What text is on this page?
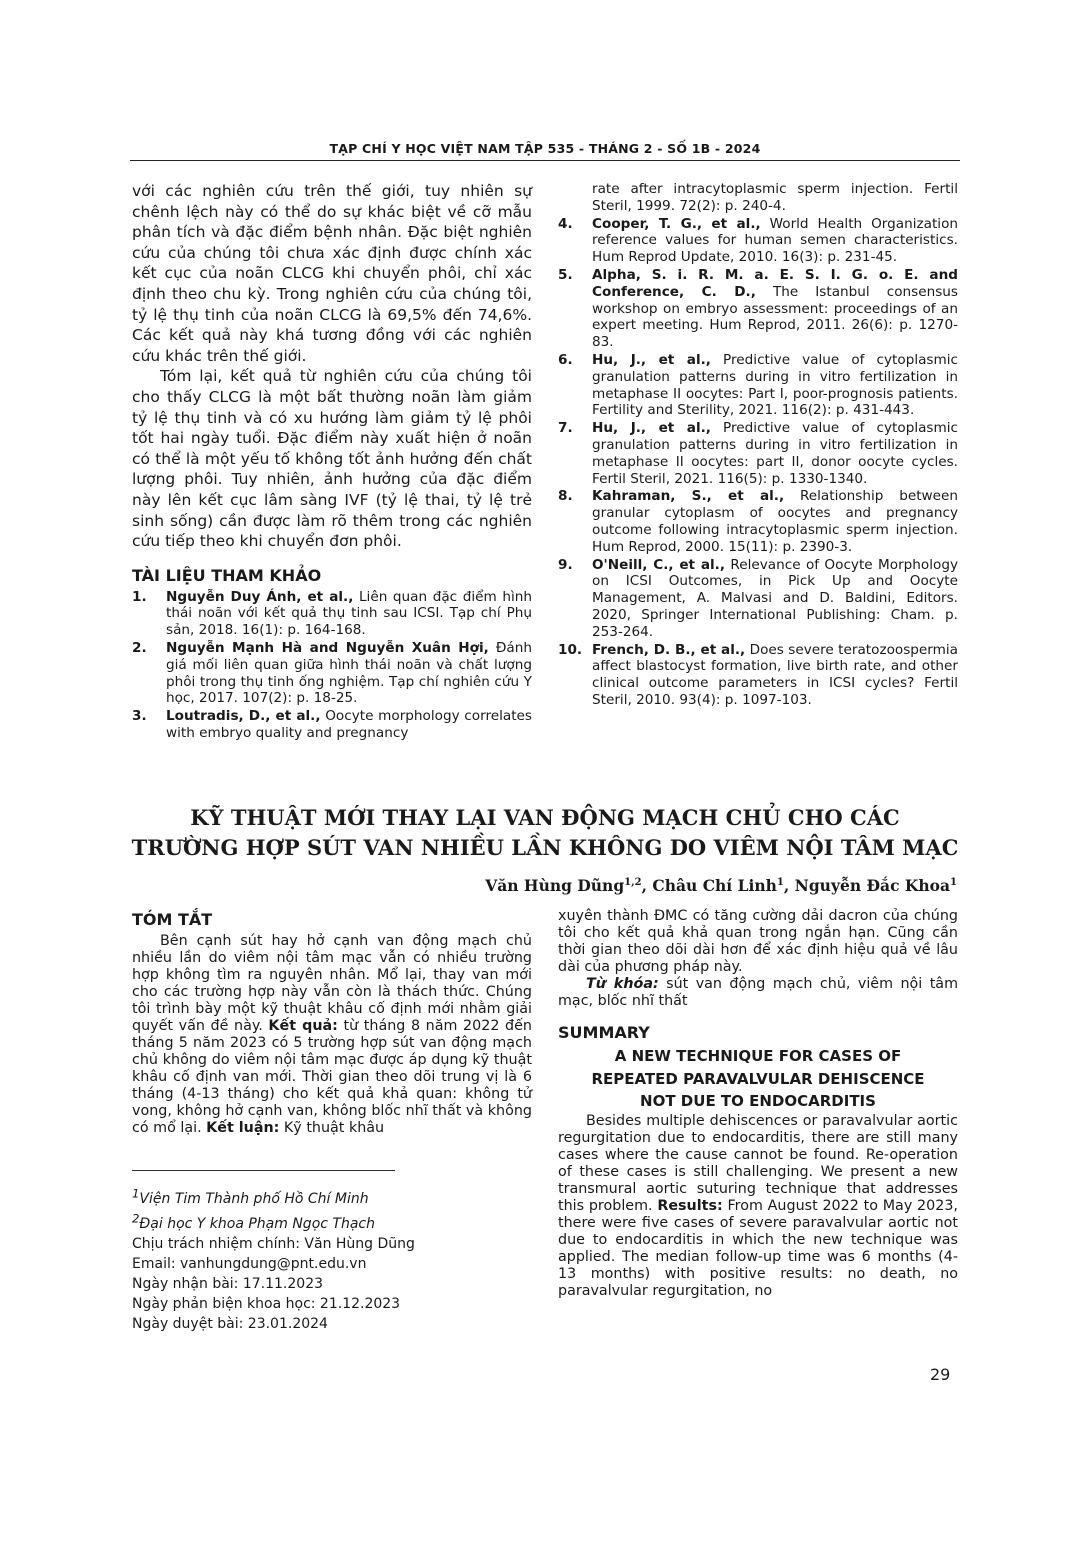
TẠP CHÍ Y HỌC VIỆT NAM TẬP 535 - THÁNG 2 - SỐ 1B - 2024

với các nghiên cứu trên thế giới, tuy nhiên sự chênh lệch này có thể do sự khác biệt về cỡ mẫu phân tích và đặc điểm bệnh nhân. Đặc biệt nghiên cứu của chúng tôi chưa xác định được chính xác kết cục của noãn CLCG khi chuyển phôi, chỉ xác định theo chu kỳ. Trong nghiên cứu của chúng tôi, tỷ lệ thụ tinh của noãn CLCG là 69,5% đến 74,6%. Các kết quả này khá tương đồng với các nghiên cứu khác trên thế giới.

Tóm lại, kết quả từ nghiên cứu của chúng tôi cho thấy CLCG là một bất thường noãn làm giảm tỷ lệ thụ tinh và có xu hướng làm giảm tỷ lệ phôi tốt hai ngày tuổi. Đặc điểm này xuất hiện ở noãn có thể là một yếu tố không tốt ảnh hưởng đến chất lượng phôi. Tuy nhiên, ảnh hưởng của đặc điểm này lên kết cục lâm sàng IVF (tỷ lệ thai, tỷ lệ trẻ sinh sống) cần được làm rõ thêm trong các nghiên cứu tiếp theo khi chuyển đơn phôi.

TÀI LIỆU THAM KHẢO

1.	Nguyễn Duy Ánh, et al., Liên quan đặc điểm hình thái noãn với kết quả thụ tinh sau ICSI. Tạp chí Phụ sản, 2018. 16(1): p. 164-168.
2.	Nguyễn Mạnh Hà and Nguyễn Xuân Hợi, Đánh giá mối liên quan giữa hình thái noãn và chất lượng phôi trong thụ tinh ống nghiệm. Tạp chí nghiên cứu Y học, 2017. 107(2): p. 18-25.
3.	Loutradis, D., et al., Oocyte morphology correlates with embryo quality and pregnancy
rate after intracytoplasmic sperm injection. Fertil Steril, 1999. 72(2): p. 240-4.
4.	Cooper, T. G., et al., World Health Organization reference values for human semen characteristics. Hum Reprod Update, 2010. 16(3): p. 231-45.
5.	Alpha, S. i. R. M. a. E. S. I. G. o. E. and Conference, C. D., The Istanbul consensus workshop on embryo assessment: proceedings of an expert meeting. Hum Reprod, 2011. 26(6): p. 1270-83.
6.	Hu, J., et al., Predictive value of cytoplasmic granulation patterns during in vitro fertilization in metaphase II oocytes: Part I, poor-prognosis patients. Fertility and Sterility, 2021. 116(2): p. 431-443.
7.	Hu, J., et al., Predictive value of cytoplasmic granulation patterns during in vitro fertilization in metaphase II oocytes: part II, donor oocyte cycles. Fertil Steril, 2021. 116(5): p. 1330-1340.
8.	Kahraman, S., et al., Relationship between granular cytoplasm of oocytes and pregnancy outcome following intracytoplasmic sperm injection. Hum Reprod, 2000. 15(11): p. 2390-3.
9.	O'Neill, C., et al., Relevance of Oocyte Morphology on ICSI Outcomes, in Pick Up and Oocyte Management, A. Malvasi and D. Baldini, Editors. 2020, Springer International Publishing: Cham. p. 253-264.
10. French, D. B., et al., Does severe teratozoospermia affect blastocyst formation, live birth rate, and other clinical outcome parameters in ICSI cycles? Fertil Steril, 2010. 93(4): p. 1097-103.
KỸ THUẬT MỚI THAY LẠI VAN ĐỘNG MẠCH CHỦ CHO CÁC
TRƯỜNG HỢP SÚT VAN NHIỀU LẦN KHÔNG DO VIÊM NỘI TÂM MẠC
Văn Hùng Dũng$^{1,2}$, Châu Chí Linh$^1$, Nguyễn Đắc Khoa$^1$

TÓM TẮT

Bên cạnh sút hay hở cạnh van động mạch chủ nhiều lần do viêm nội tâm mạc vẫn có nhiều trường hợp không tìm ra nguyên nhân. Mổ lại, thay van mới cho các trường hợp này vẫn còn là thách thức. Chúng tôi trình bày một kỹ thuật khâu cố định mới nhằm giải quyết vấn đề này. Kết quả: từ tháng 8 năm 2022 đến tháng 5 năm 2023 có 5 trường hợp sút van động mạch chủ không do viêm nội tâm mạc được áp dụng kỹ thuật khâu cố định van mới. Thời gian theo dõi trung vị là 6 tháng (4-13 tháng) cho kết quả khả quan: không tử vong, không hở cạnh van, không blốc nhĩ thất và không có mổ lại. Kết luận: Kỹ thuật khâu

$^1$Viện Tim Thành phố Hồ Chí Minh
$^2$Đại học Y khoa Phạm Ngọc Thạch
Chịu trách nhiệm chính: Văn Hùng Dũng
Email: vanhungdung@pnt.edu.vn
Ngày nhận bài: 17.11.2023
Ngày phản biện khoa học: 21.12.2023
Ngày duyệt bài: 23.01.2024

xuyên thành ĐMC có tăng cường dải dacron của chúng tôi cho kết quả khả quan trong ngắn hạn. Cũng cần thời gian theo dõi dài hơn để xác định hiệu quả về lâu dài của phương pháp này.

Từ khóa: sút van động mạch chủ, viêm nội tâm mạc, blốc nhĩ thất

SUMMARY

A NEW TECHNIQUE FOR CASES OF

REPEATED PARAVALVULAR DEHISCENCE

NOT DUE TO ENDOCARDITIS

Besides multiple dehiscences or paravalvular aortic regurgitation due to endocarditis, there are still many cases where the cause cannot be found. Re-operation of these cases is still challenging. We present a new transmural aortic suturing technique that addresses this problem. Results: From August 2022 to May 2023, there were five cases of severe paravalvular aortic not due to endocarditis in which the new technique was applied. The median follow-up time was 6 months (4-13 months) with positive results: no death, no paravalvular regurgitation, no

29
